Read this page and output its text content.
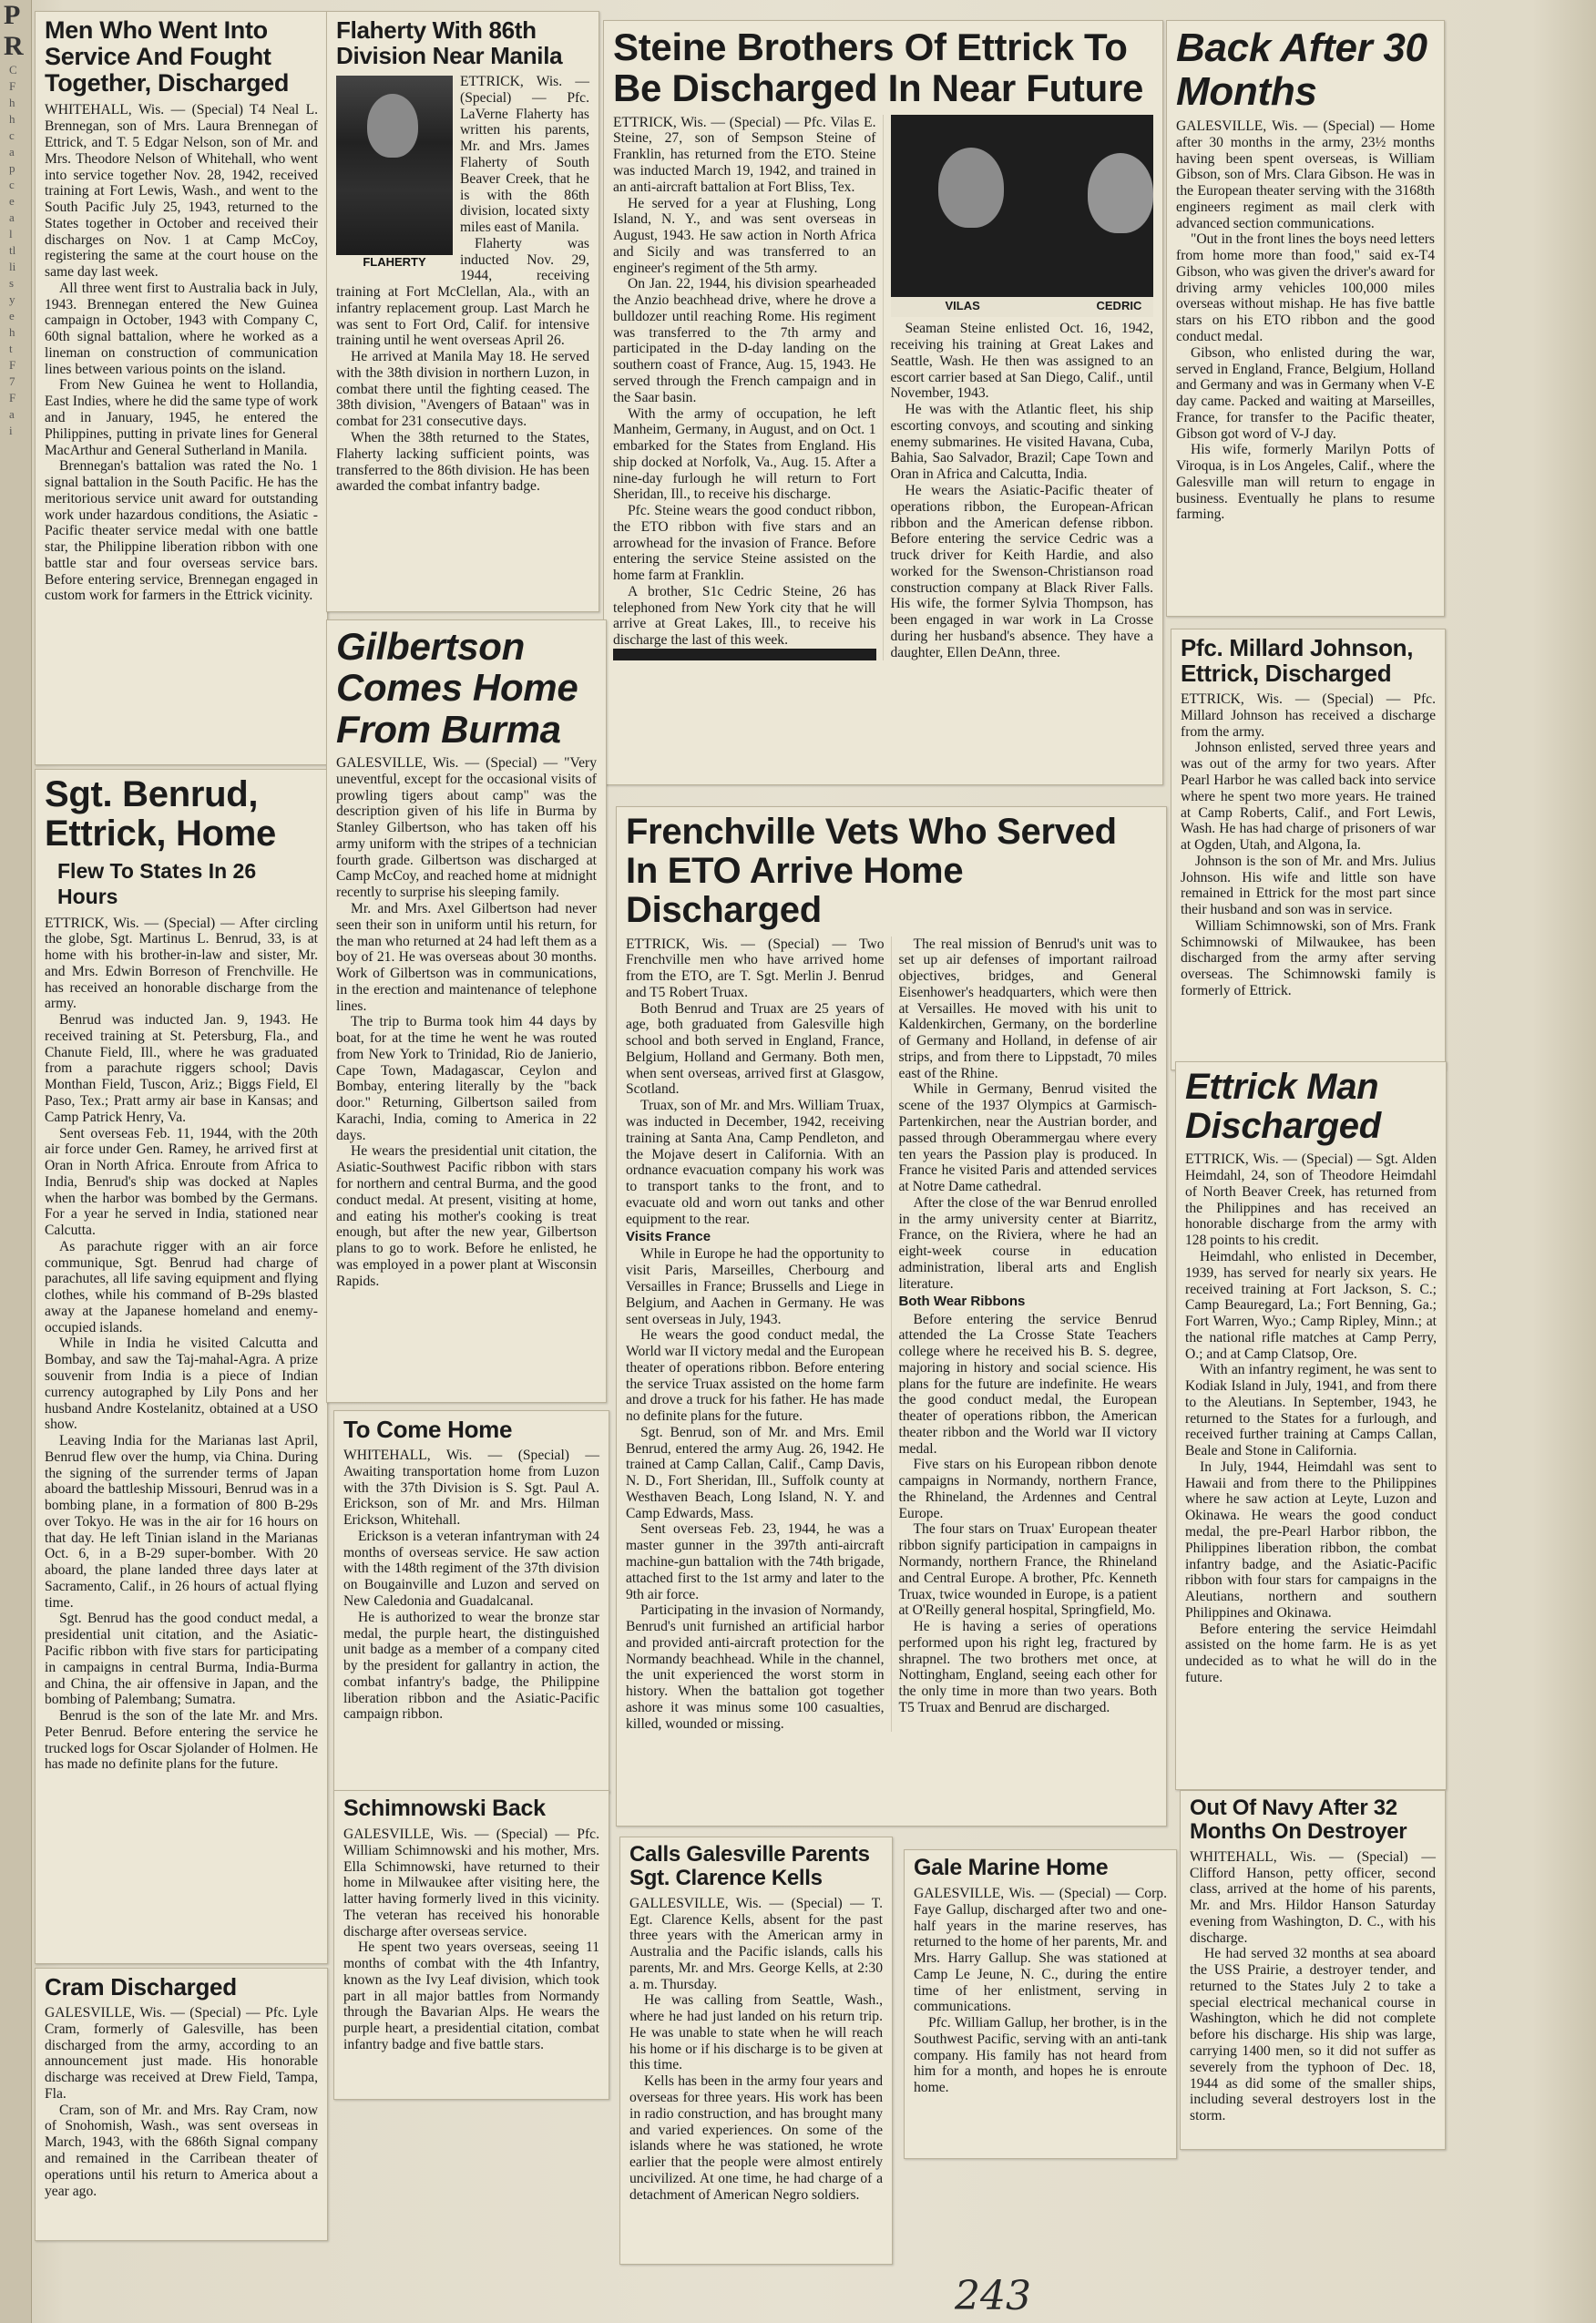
P
R
C
F
h
h
c
a
p
c
e
a
l
tl
li
s
y
e
h
t
F
7
F
a
i
Men Who Went Into Service And Fought Together, Discharged

WHITEHALL, Wis. — (Special) T4 Neal L. Brennegan, son of Mrs. Laura Brennegan of Ettrick, and T. 5 Edgar Nelson, son of Mr. and Mrs. Theodore Nelson of Whitehall, who went into service together Nov. 28, 1942, received training at Fort Lewis, Wash., and went to the South Pacific July 25, 1943, returned to the States together in October and received their discharges on Nov. 1 at Camp McCoy, registering the same at the court house on the same day last week.

All three went first to Australia back in July, 1943. Brennegan entered the New Guinea campaign in October, 1943 with Company C, 60th signal battalion, where he worked as a lineman on construction of communication lines between various points on the island.

From New Guinea he went to Hollandia, East Indies, where he did the same type of work and in January, 1945, he entered the Philippines, putting in private lines for General MacArthur and General Sutherland in Manila.

Brennegan's battalion was rated the No. 1 signal battalion in the South Pacific. He has the meritorious service unit award for outstanding work under hazardous conditions, the Asiatic - Pacific theater service medal with one battle star, the Philippine liberation ribbon with one battle star and four overseas service bars. Before entering service, Brennegan engaged in custom work for farmers in the Ettrick vicinity.

Flaherty With 86th Division Near Manila
FLAHERTY

ETTRICK, Wis. — (Special) — Pfc. LaVerne Flaherty has written his parents, Mr. and Mrs. James Flaherty of South Beaver Creek, that he is with the 86th division, located sixty miles east of Manila.

Flaherty was inducted Nov. 29, 1944, receiving training at Fort McClellan, Ala., with an infantry replacement group. Last March he was sent to Fort Ord, Calif. for intensive training until he went overseas April 26.

He arrived at Manila May 18. He served with the 38th division in northern Luzon, in combat there until the fighting ceased. The 38th division, "Avengers of Bataan" was in combat for 231 consecutive days.

When the 38th returned to the States, Flaherty lacking sufficient points, was transferred to the 86th division. He has been awarded the combat infantry badge.

Steine Brothers Of Ettrick To Be Discharged In Near Future

ETTRICK, Wis. — (Special) — Pfc. Vilas E. Steine, 27, son of Sempson Steine of Franklin, has returned from the ETO. Steine was inducted March 19, 1942, and trained in an anti-aircraft battalion at Fort Bliss, Tex.

He served for a year at Flushing, Long Island, N. Y., and was sent overseas in August, 1943. He saw action in North Africa and Sicily and was transferred to an engineer's regiment of the 5th army.

On Jan. 22, 1944, his division spearheaded the Anzio beachhead drive, where he drove a bulldozer until reaching Rome. His regiment was transferred to the 7th army and participated in the D-day landing on the southern coast of France, Aug. 15, 1943. He served through the French campaign and in the Saar basin.

With the army of occupation, he left Manheim, Germany, in August, and on Oct. 1 embarked for the States from England. His ship docked at Norfolk, Va., Aug. 15. After a nine-day furlough he will return to Fort Sheridan, Ill., to receive his discharge.

Pfc. Steine wears the good conduct ribbon, the ETO ribbon with five stars and an arrowhead for the invasion of France. Before entering the service Steine assisted on the home farm at Franklin.

A brother, S1c Cedric Steine, 26 has telephoned from New York city that he will arrive at Great Lakes, Ill., to receive his discharge the last of this week.

VILAS	CEDRIC

Seaman Steine enlisted Oct. 16, 1942, receiving his training at Great Lakes and Seattle, Wash. He then was assigned to an escort carrier based at San Diego, Calif., until November, 1943.

He was with the Atlantic fleet, his ship escorting convoys, and scouting and sinking enemy submarines. He visited Havana, Cuba, Bahia, Sao Salvador, Brazil; Cape Town and Oran in Africa and Calcutta, India.

He wears the Asiatic-Pacific theater of operations ribbon, the European-African ribbon and the American defense ribbon. Before entering the service Cedric was a truck driver for Keith Hardie, and also worked for the Swenson-Christianson road construction company at Black River Falls. His wife, the former Sylvia Thompson, has been engaged in war work in La Crosse during her husband's absence. They have a daughter, Ellen DeAnn, three.

Back After 30 Months

GALESVILLE, Wis. — (Special) — Home after 30 months in the army, 23½ months having been spent overseas, is William Gibson, son of Mrs. Clara Gibson. He was in the European theater serving with the 3168th engineers regiment as mail clerk with advanced section communications.

"Out in the front lines the boys need letters from home more than food," said ex-T4 Gibson, who was given the driver's award for driving army vehicles 100,000 miles overseas without mishap. He has five battle stars on his ETO ribbon and the good conduct medal.

Gibson, who enlisted during the war, served in England, France, Belgium, Holland and Germany and was in Germany when V-E day came. Packed and waiting at Marseilles, France, for transfer to the Pacific theater, Gibson got word of V-J day.

His wife, formerly Marilyn Potts of Viroqua, is in Los Angeles, Calif., where the Galesville man will return to engage in business. Eventually he plans to resume farming.

Sgt. Benrud, Ettrick, Home
Flew To States In 26 Hours

ETTRICK, Wis. — (Special) — After circling the globe, Sgt. Martinus L. Benrud, 33, is at home with his brother-in-law and sister, Mr. and Mrs. Edwin Borreson of Frenchville. He has received an honorable discharge from the army.

Benrud was inducted Jan. 9, 1943. He received training at St. Petersburg, Fla., and Chanute Field, Ill., where he was graduated from a parachute riggers school; Davis Monthan Field, Tuscon, Ariz.; Biggs Field, El Paso, Tex.; Pratt army air base in Kansas; and Camp Patrick Henry, Va.

Sent overseas Feb. 11, 1944, with the 20th air force under Gen. Ramey, he arrived first at Oran in North Africa. Enroute from Africa to India, Benrud's ship was docked at Naples when the harbor was bombed by the Germans. For a year he served in India, stationed near Calcutta.

As parachute rigger with an air force communique, Sgt. Benrud had charge of parachutes, all life saving equipment and flying clothes, while his command of B-29s blasted away at the Japanese homeland and enemy-occupied islands.

While in India he visited Calcutta and Bombay, and saw the Taj-mahal-Agra. A prize souvenir from India is a piece of Indian currency autographed by Lily Pons and her husband Andre Kostelanitz, obtained at a USO show.

Leaving India for the Marianas last April, Benrud flew over the hump, via China. During the signing of the surrender terms of Japan aboard the battleship Missouri, Benrud was in a bombing plane, in a formation of 800 B-29s over Tokyo. He was in the air for 16 hours on that day. He left Tinian island in the Marianas Oct. 6, in a B-29 super-bomber. With 20 aboard, the plane landed three days later at Sacramento, Calif., in 26 hours of actual flying time.

Sgt. Benrud has the good conduct medal, a presidential unit citation, and the Asiatic-Pacific ribbon with five stars for participating in campaigns in central Burma, India-Burma and China, the air offensive in Japan, and the bombing of Palembang; Sumatra.

Benrud is the son of the late Mr. and Mrs. Peter Benrud. Before entering the service he trucked logs for Oscar Sjolander of Holmen. He has made no definite plans for the future.

Gilbertson Comes Home From Burma

GALESVILLE, Wis. — (Special) — "Very uneventful, except for the occasional visits of prowling tigers about camp" was the description given of his life in Burma by Stanley Gilbertson, who has taken off his army uniform with the stripes of a technician fourth grade. Gilbertson was discharged at Camp McCoy, and reached home at midnight recently to surprise his sleeping family.

Mr. and Mrs. Axel Gilbertson had never seen their son in uniform until his return, for the man who returned at 24 had left them as a boy of 21. He was overseas about 30 months. Work of Gilbertson was in communications, in the erection and maintenance of telephone lines.

The trip to Burma took him 44 days by boat, for at the time he went he was routed from New York to Trinidad, Rio de Janierio, Cape Town, Madagascar, Ceylon and Bombay, entering literally by the "back door." Returning, Gilbertson sailed from Karachi, India, coming to America in 22 days.

He wears the presidential unit citation, the Asiatic-Southwest Pacific ribbon with stars for northern and central Burma, and the good conduct medal. At present, visiting at home, and eating his mother's cooking is treat enough, but after the new year, Gilbertson plans to go to work. Before he enlisted, he was employed in a power plant at Wisconsin Rapids.

Frenchville Vets Who Served In ETO Arrive Home Discharged

ETTRICK, Wis. — (Special) — Two Frenchville men who have arrived home from the ETO, are T. Sgt. Merlin J. Benrud and T5 Robert Truax.

Both Benrud and Truax are 25 years of age, both graduated from Galesville high school and both served in England, France, Belgium, Holland and Germany. Both men, when sent overseas, arrived first at Glasgow, Scotland.

Truax, son of Mr. and Mrs. William Truax, was inducted in December, 1942, receiving training at Santa Ana, Camp Pendleton, and the Mojave desert in California. With an ordnance evacuation company his work was to transport tanks to the front, and to evacuate old and worn out tanks and other equipment to the rear.

Visits France

While in Europe he had the opportunity to visit Paris, Marseilles, Cherbourg and Versailles in France; Brussells and Liege in Belgium, and Aachen in Germany. He was sent overseas in July, 1943.

He wears the good conduct medal, the World war II victory medal and the European theater of operations ribbon. Before entering the service Truax assisted on the home farm and drove a truck for his father. He has made no definite plans for the future.

Sgt. Benrud, son of Mr. and Mrs. Emil Benrud, entered the army Aug. 26, 1942. He trained at Camp Callan, Calif., Camp Davis, N. D., Fort Sheridan, Ill., Suffolk county at Westhaven Beach, Long Island, N. Y. and Camp Edwards, Mass.

Sent overseas Feb. 23, 1944, he was a master gunner in the 397th anti-aircraft machine-gun battalion with the 74th brigade, attached first to the 1st army and later to the 9th air force.

Participating in the invasion of Normandy, Benrud's unit furnished an artificial harbor and provided anti-aircraft protection for the Normandy beachhead. While in the channel, the unit experienced the worst storm in history. When the battalion got together ashore it was minus some 100 casualties, killed, wounded or missing.

The real mission of Benrud's unit was to set up air defenses of important railroad objectives, bridges, and General Eisenhower's headquarters, which were then at Versailles. He moved with his unit to Kaldenkirchen, Germany, on the borderline of Germany and Holland, in defense of air strips, and from there to Lippstadt, 70 miles east of the Rhine.

While in Germany, Benrud visited the scene of the 1937 Olympics at Garmisch-Partenkirchen, near the Austrian border, and passed through Oberammergau where every ten years the Passion play is produced. In France he visited Paris and attended services at Notre Dame cathedral.

After the close of the war Benrud enrolled in the army university center at Biarritz, France, on the Riviera, where he had an eight-week course in education administration, liberal arts and English literature.

Both Wear Ribbons

Before entering the service Benrud attended the La Crosse State Teachers college where he received his B. S. degree, majoring in history and social science. His plans for the future are indefinite. He wears the good conduct medal, the European theater of operations ribbon, the American theater ribbon and the World war II victory medal.

Five stars on his European ribbon denote campaigns in Normandy, northern France, the Rhineland, the Ardennes and Central Europe.

The four stars on Truax' European theater ribbon signify participation in campaigns in Normandy, northern France, the Rhineland and Central Europe. A brother, Pfc. Kenneth Truax, twice wounded in Europe, is a patient at O'Reilly general hospital, Springfield, Mo.

He is having a series of operations performed upon his right leg, fractured by shrapnel. The two brothers met once, at Nottingham, England, seeing each other for the only time in more than two years. Both T5 Truax and Benrud are discharged.

Pfc. Millard Johnson, Ettrick, Discharged

ETTRICK, Wis. — (Special) — Pfc. Millard Johnson has received a discharge from the army.

Johnson enlisted, served three years and was out of the army for two years. After Pearl Harbor he was called back into service where he spent two more years. He trained at Camp Roberts, Calif., and Fort Lewis, Wash. He has had charge of prisoners of war at Ogden, Utah, and Algona, Ia.

Johnson is the son of Mr. and Mrs. Julius Johnson. His wife and little son have remained in Ettrick for the most part since their husband and son was in service.

William Schimnowski, son of Mrs. Frank Schimnowski of Milwaukee, has been discharged from the army after serving overseas. The Schimnowski family is formerly of Ettrick.

Ettrick Man Discharged

ETTRICK, Wis. — (Special) — Sgt. Alden Heimdahl, 24, son of Theodore Heimdahl of North Beaver Creek, has returned from the Philippines and has received an honorable discharge from the army with 128 points to his credit.

Heimdahl, who enlisted in December, 1939, has served for nearly six years. He received training at Fort Jackson, S. C.; Camp Beauregard, La.; Fort Benning, Ga.; Fort Warren, Wyo.; Camp Ripley, Minn.; at the national rifle matches at Camp Perry, O.; and at Camp Clatsop, Ore.

With an infantry regiment, he was sent to Kodiak Island in July, 1941, and from there to the Aleutians. In September, 1943, he returned to the States for a furlough, and received further training at Camps Callan, Beale and Stone in California.

In July, 1944, Heimdahl was sent to Hawaii and from there to the Philippines where he saw action at Leyte, Luzon and Okinawa. He wears the good conduct medal, the pre-Pearl Harbor ribbon, the Philippines liberation ribbon, the combat infantry badge, and the Asiatic-Pacific ribbon with four stars for campaigns in the Aleutians, northern and southern Philippines and Okinawa.

Before entering the service Heimdahl assisted on the home farm. He is as yet undecided as to what he will do in the future.

To Come Home

WHITEHALL, Wis. — (Special) — Awaiting transportation home from Luzon with the 37th Division is S. Sgt. Paul A. Erickson, son of Mr. and Mrs. Hilman Erickson, Whitehall.

Erickson is a veteran infantryman with 24 months of overseas service. He saw action with the 148th regiment of the 37th division on Bougainville and Luzon and served on New Caledonia and Guadalcanal.

He is authorized to wear the bronze star medal, the purple heart, the distinguished unit badge as a member of a company cited by the president for gallantry in action, the combat infantry's badge, the Philippine liberation ribbon and the Asiatic-Pacific campaign ribbon.

Schimnowski Back

GALESVILLE, Wis. — (Special) — Pfc. William Schimnowski and his mother, Mrs. Ella Schimnowski, have returned to their home in Milwaukee after visiting here, the latter having formerly lived in this vicinity. The veteran has received his honorable discharge after overseas service.

He spent two years overseas, seeing 11 months of combat with the 4th Infantry, known as the Ivy Leaf division, which took part in all major battles from Normandy through the Bavarian Alps. He wears the purple heart, a presidential citation, combat infantry badge and five battle stars.

Cram Discharged

GALESVILLE, Wis. — (Special) — Pfc. Lyle Cram, formerly of Galesville, has been discharged from the army, according to an announcement just made. His honorable discharge was received at Drew Field, Tampa, Fla.

Cram, son of Mr. and Mrs. Ray Cram, now of Snohomish, Wash., was sent overseas in March, 1943, with the 686th Signal company and remained in the Carribean theater of operations until his return to America about a year ago.

Calls Galesville Parents Sgt. Clarence Kells

GALLESVILLE, Wis. — (Special) — T. Egt. Clarence Kells, absent for the past three years with the American army in Australia and the Pacific islands, calls his parents, Mr. and Mrs. George Kells, at 2:30 a. m. Thursday.

He was calling from Seattle, Wash., where he had just landed on his return trip. He was unable to state when he will reach his home or if his discharge is to be given at this time.

Kells has been in the army four years and overseas for three years. His work has been in radio construction, and has brought many and varied experiences. On some of the islands where he was stationed, he wrote earlier that the people were almost entirely uncivilized. At one time, he had charge of a detachment of American Negro soldiers.

Gale Marine Home

GALESVILLE, Wis. — (Special) — Corp. Faye Gallup, discharged after two and one-half years in the marine reserves, has returned to the home of her parents, Mr. and Mrs. Harry Gallup. She was stationed at Camp Le Jeune, N. C., during the entire time of her enlistment, serving in communications.

Pfc. William Gallup, her brother, is in the Southwest Pacific, serving with an anti-tank company. His family has not heard from him for a month, and hopes he is enroute home.

Out Of Navy After 32 Months On Destroyer

WHITEHALL, Wis. — (Special) — Clifford Hanson, petty officer, second class, arrived at the home of his parents, Mr. and Mrs. Hildor Hanson Saturday evening from Washington, D. C., with his discharge.

He had served 32 months at sea aboard the USS Prairie, a destroyer tender, and returned to the States July 2 to take a special electrical mechanical course in Washington, which he did not complete before his discharge. His ship was large, carrying 1400 men, so it did not suffer as severely from the typhoon of Dec. 18, 1944 as did some of the smaller ships, including several destroyers lost in the storm.

243
